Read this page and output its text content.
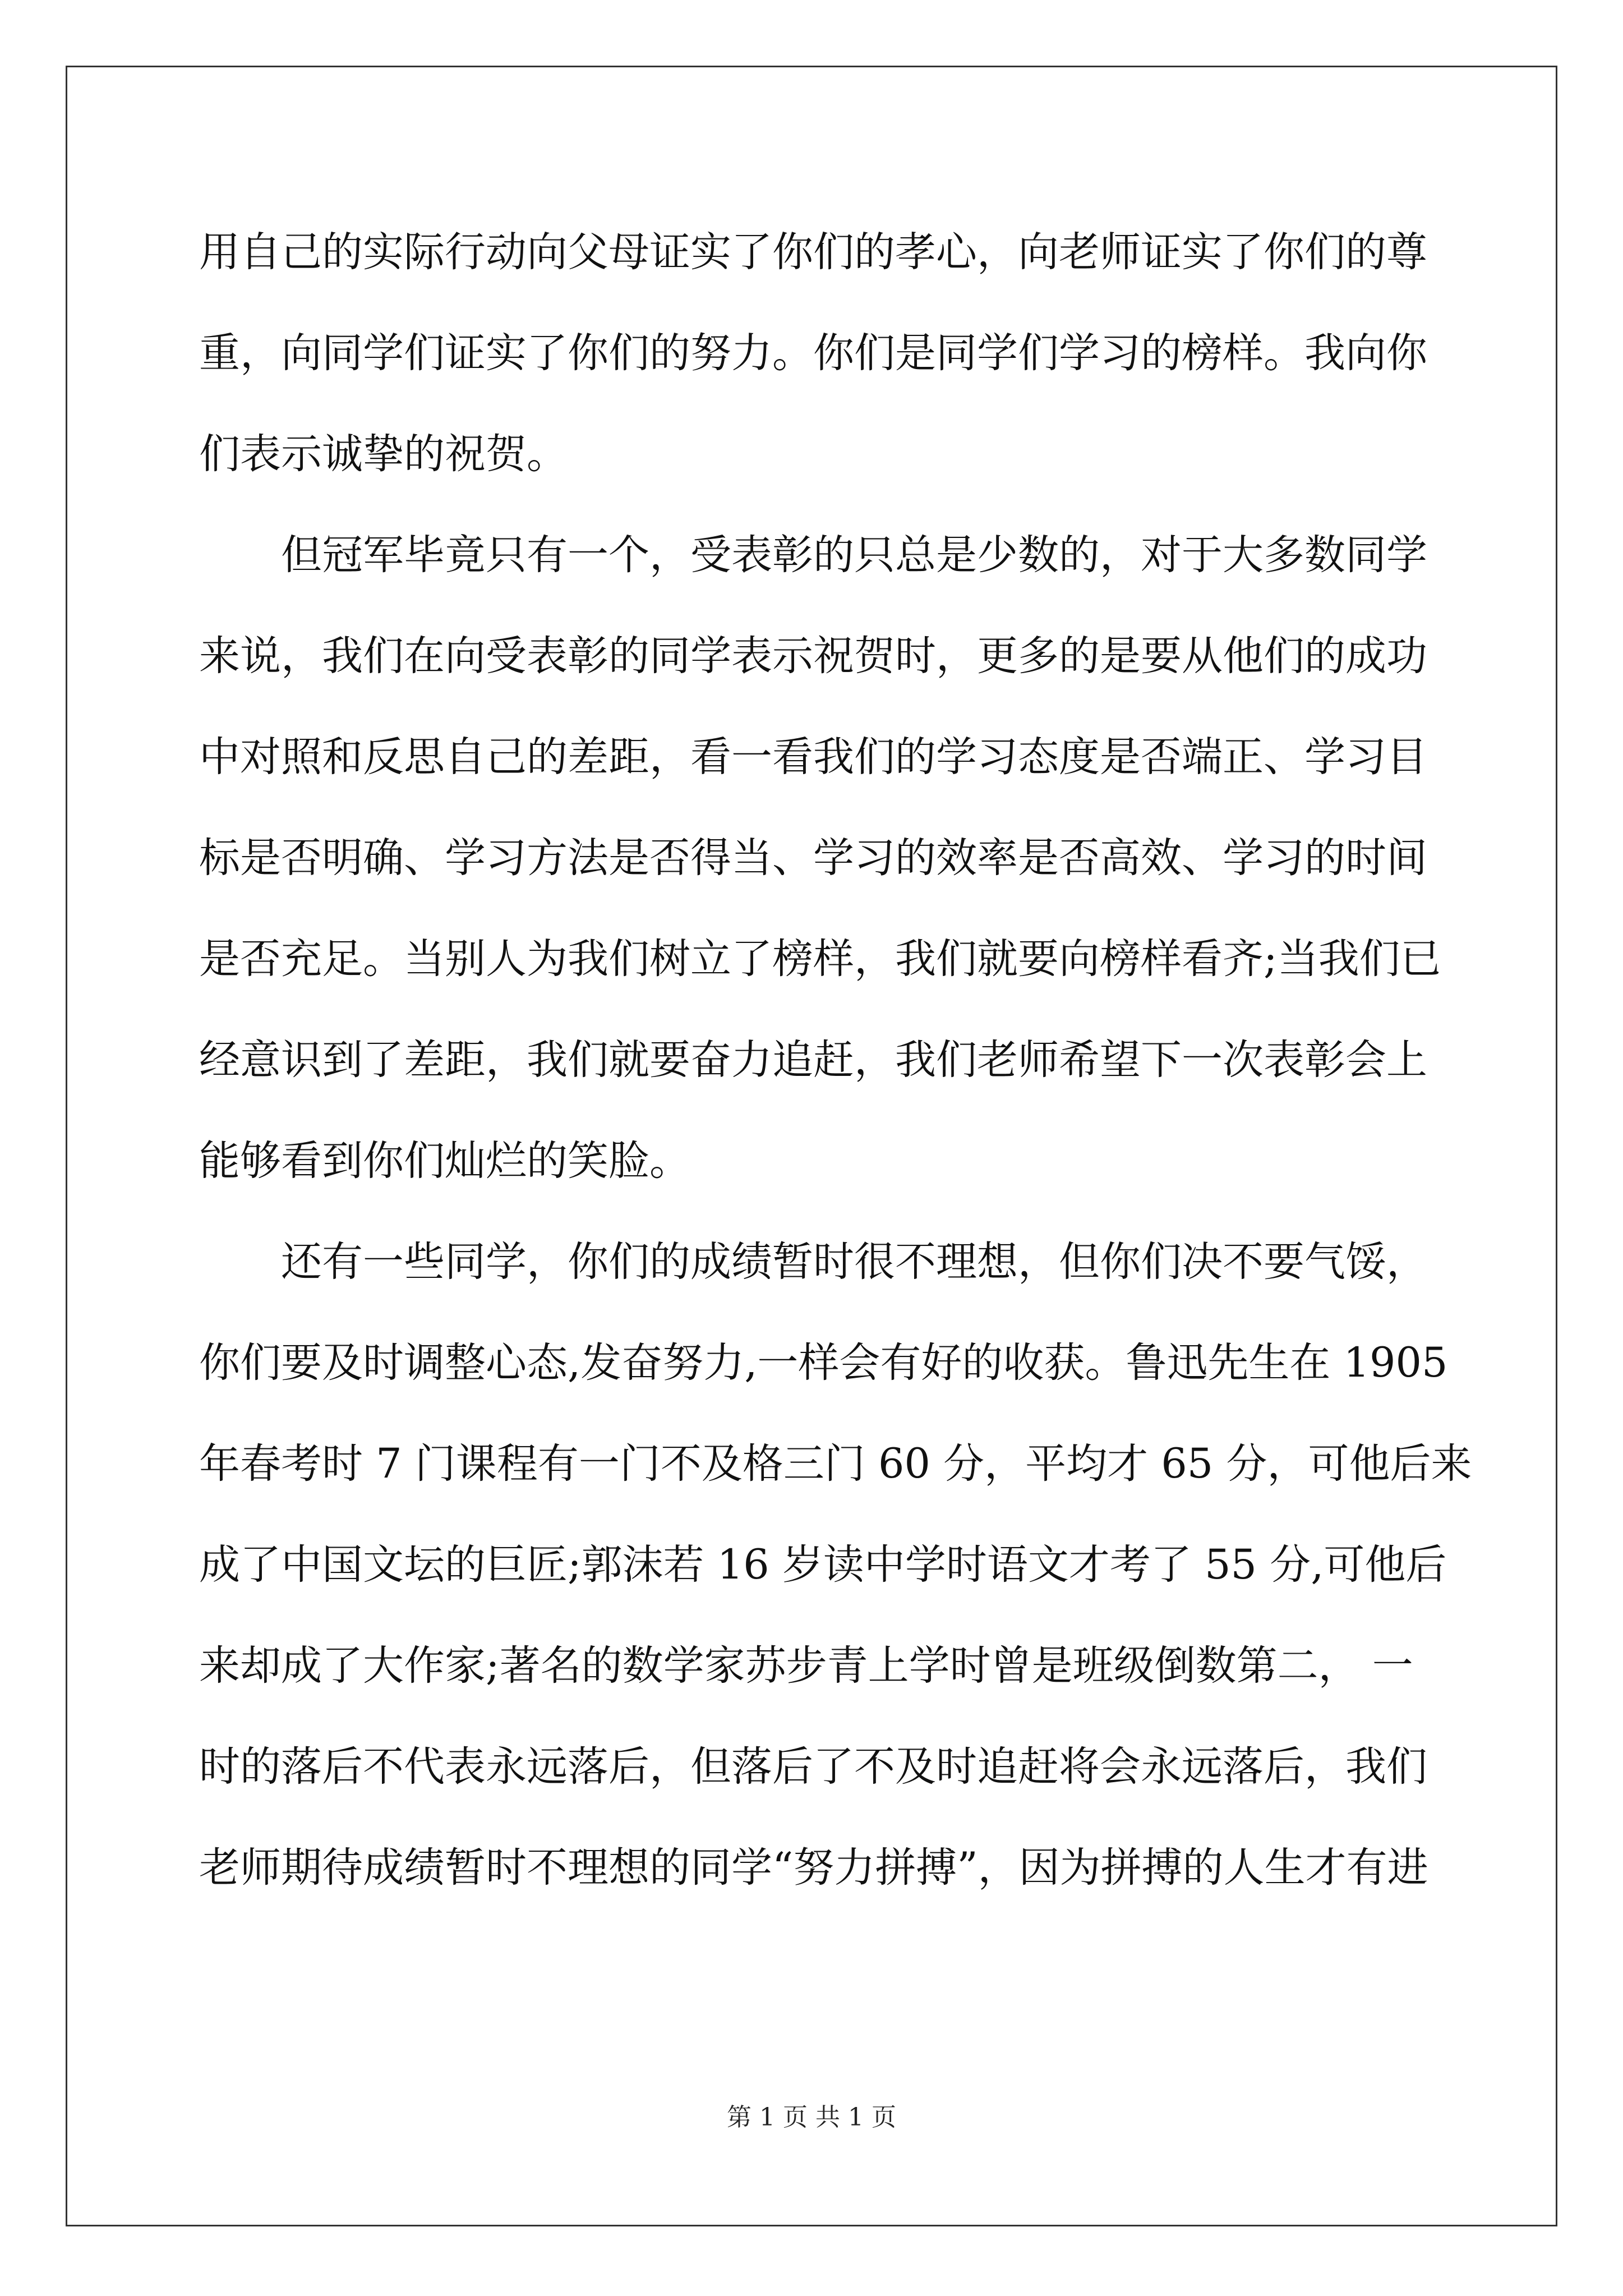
用自己的实际行动向父母证实了你们的孝心，向老师证实了你们的尊
重，向同学们证实了你们的努力。你们是同学们学习的榜样。我向你
们表示诚挚的祝贺。
但冠军毕竟只有一个，受表彰的只总是少数的，对于大多数同学
来说，我们在向受表彰的同学表示祝贺时，更多的是要从他们的成功
中对照和反思自己的差距，看一看我们的学习态度是否端正、学习目
标是否明确、学习方法是否得当、学习的效率是否高效、学习的时间
是否充足。当别人为我们树立了榜样，我们就要向榜样看齐;当我们已
经意识到了差距，我们就要奋力追赶，我们老师希望下一次表彰会上
能够看到你们灿烂的笑脸。
还有一些同学，你们的成绩暂时很不理想，但你们决不要气馁，
你们要及时调整心态,发奋努力,一样会有好的收获。鲁迅先生在 1905
年春考时 7 门课程有一门不及格三门 60 分，平均才 65 分，可他后来
成了中国文坛的巨匠;郭沫若 16 岁读中学时语文才考了 55 分,可他后
来却成了大作家;著名的数学家苏步青上学时曾是班级倒数第二， 一
时的落后不代表永远落后，但落后了不及时追赶将会永远落后，我们
老师期待成绩暂时不理想的同学“努力拼搏”，因为拼搏的人生才有进
第 1 页 共 1 页
